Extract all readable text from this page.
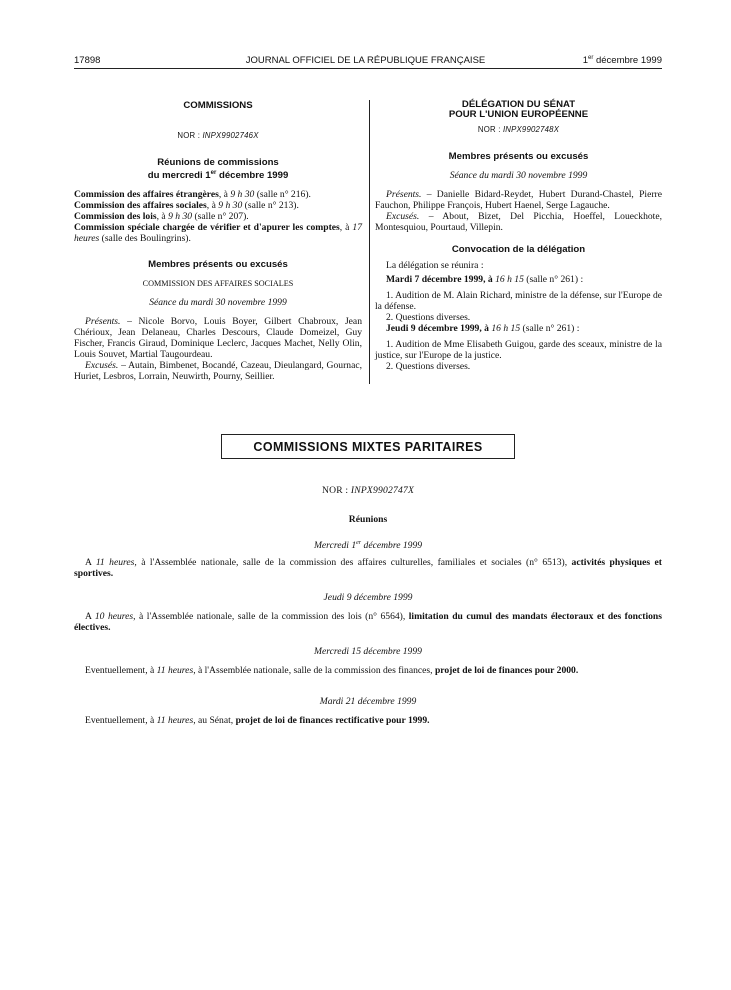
17898	JOURNAL OFFICIEL DE LA RÉPUBLIQUE FRANÇAISE	1er décembre 1999
COMMISSIONS
NOR : INPX9902746X
Réunions de commissions
du mercredi 1er décembre 1999
Commission des affaires étrangères, à 9 h 30 (salle n° 216).
Commission des affaires sociales, à 9 h 30 (salle n° 213).
Commission des lois, à 9 h 30 (salle n° 207).
Commission spéciale chargée de vérifier et d'apurer les comptes, à 17 heures (salle des Boulingrins).
Membres présents ou excusés
COMMISSION DES AFFAIRES SOCIALES
Séance du mardi 30 novembre 1999
Présents. – Nicole Borvo, Louis Boyer, Gilbert Chabroux, Jean Chérioux, Jean Delaneau, Charles Descours, Claude Domeizel, Guy Fischer, Francis Giraud, Dominique Leclerc, Jacques Machet, Nelly Olin, Louis Souvet, Martial Taugourdeau.
Excusés. – Autain, Bimbenet, Bocandé, Cazeau, Dieulangard, Gournac, Huriet, Lesbros, Lorrain, Neuwirth, Pourny, Seillier.
DÉLÉGATION DU SÉNAT
POUR L'UNION EUROPÉENNE
NOR : INPX9902748X
Membres présents ou excusés
Séance du mardi 30 novembre 1999
Présents. – Danielle Bidard-Reydet, Hubert Durand-Chastel, Pierre Fauchon, Philippe François, Hubert Haenel, Serge Lagauche.
Excusés. – About, Bizet, Del Picchia, Hoeffel, Loueckhote, Montesquiou, Pourtaud, Villepin.
Convocation de la délégation
La délégation se réunira :
Mardi 7 décembre 1999, à 16 h 15 (salle n° 261) :
1. Audition de M. Alain Richard, ministre de la défense, sur l'Europe de la défense.
2. Questions diverses.
Jeudi 9 décembre 1999, à 16 h 15 (salle n° 261) :
1. Audition de Mme Elisabeth Guigou, garde des sceaux, ministre de la justice, sur l'Europe de la justice.
2. Questions diverses.
COMMISSIONS MIXTES PARITAIRES
NOR : INPX9902747X
Réunions
Mercredi 1er décembre 1999
A 11 heures, à l'Assemblée nationale, salle de la commission des affaires culturelles, familiales et sociales (n° 6513), activités physiques et sportives.
Jeudi 9 décembre 1999
A 10 heures, à l'Assemblée nationale, salle de la commission des lois (n° 6564), limitation du cumul des mandats électoraux et des fonctions électives.
Mercredi 15 décembre 1999
Eventuellement, à 11 heures, à l'Assemblée nationale, salle de la commission des finances, projet de loi de finances pour 2000.
Mardi 21 décembre 1999
Eventuellement, à 11 heures, au Sénat, projet de loi de finances rectificative pour 1999.
